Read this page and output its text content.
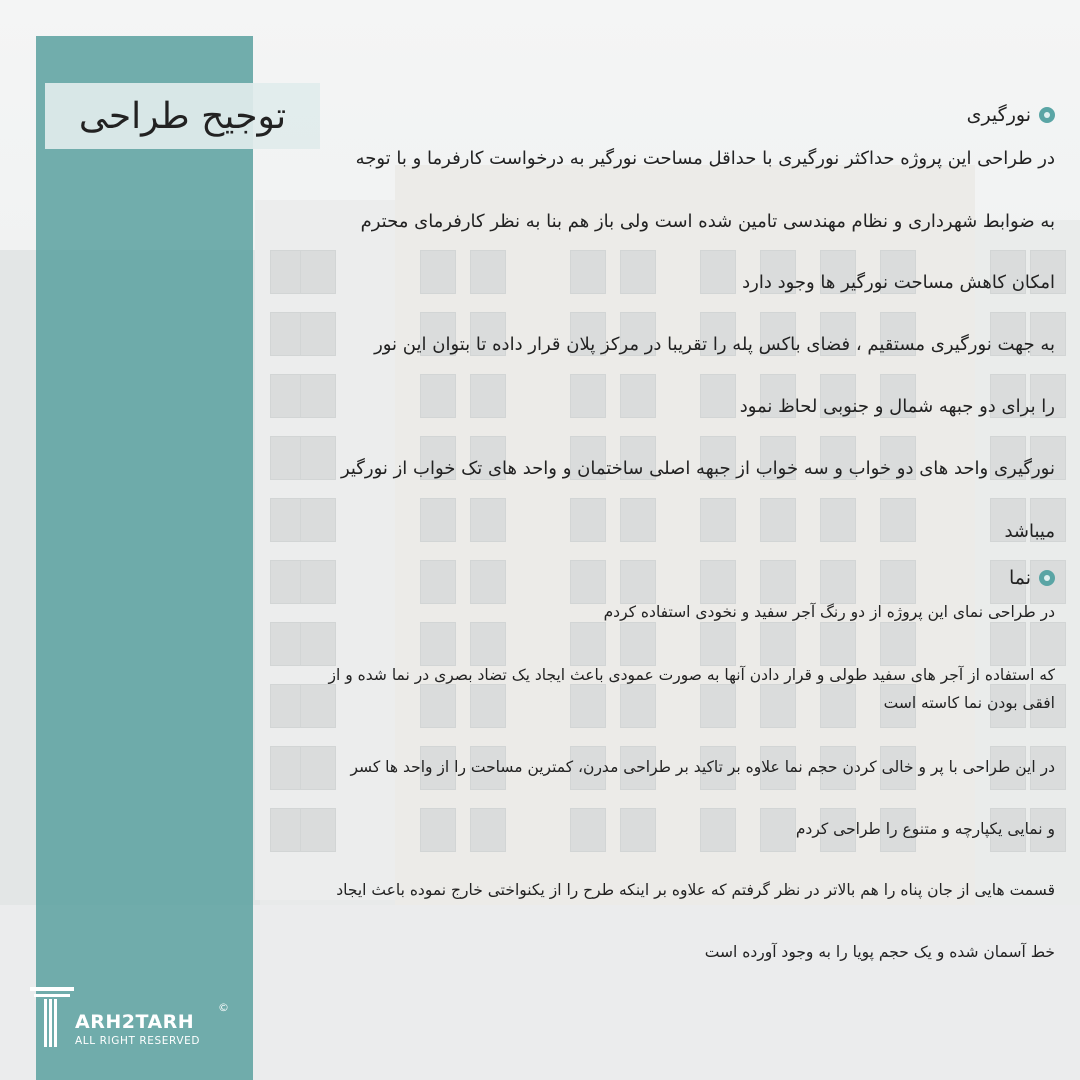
توجیح طراحی	نورگیری
در طراحی این پروژه حداکثر نورگیری با حداقل مساحت نورگیر به درخواست کارفرما و با توجه
به ضوابط شهرداری و نظام مهندسی تامین شده است ولی باز هم بنا به نظر کارفرمای محترم
امکان کاهش مساحت نورگیر ها وجود دارد
به جهت نورگیری مستقیم ، فضای باکس پله را تقریبا در مرکز پلان قرار داده تا بتوان این نور
را برای دو جبهه شمال و جنوبی لحاظ نمود
نورگیری واحد های دو خواب و سه خواب از جبهه اصلی ساختمان و واحد های تک خواب از نورگیر
میباشد
نما
در طراحی نمای این پروژه از دو رنگ آجر سفید و نخودی استفاده کردم
که استفاده از آجر های سفید طولی و قرار دادن آنها به صورت عمودی باعث ایجاد یک تضاد بصری در نما شده و از
افقی بودن نما کاسته است
در این طراحی با پر و خالی کردن حجم نما علاوه بر تاکید بر طراحی مدرن، کمترین مساحت را از واحد ها کسر
و نمایی یکپارچه و متنوع را طراحی کردم
قسمت هایی از جان پناه را هم بالاتر در نظر گرفتم که علاوه بر اینکه طرح را از یکنواختی خارج نموده باعث ایجاد
خط آسمان شده و یک حجم پویا را به وجود آورده است
ARH2TARH
ALL RIGHT RESERVED
©
